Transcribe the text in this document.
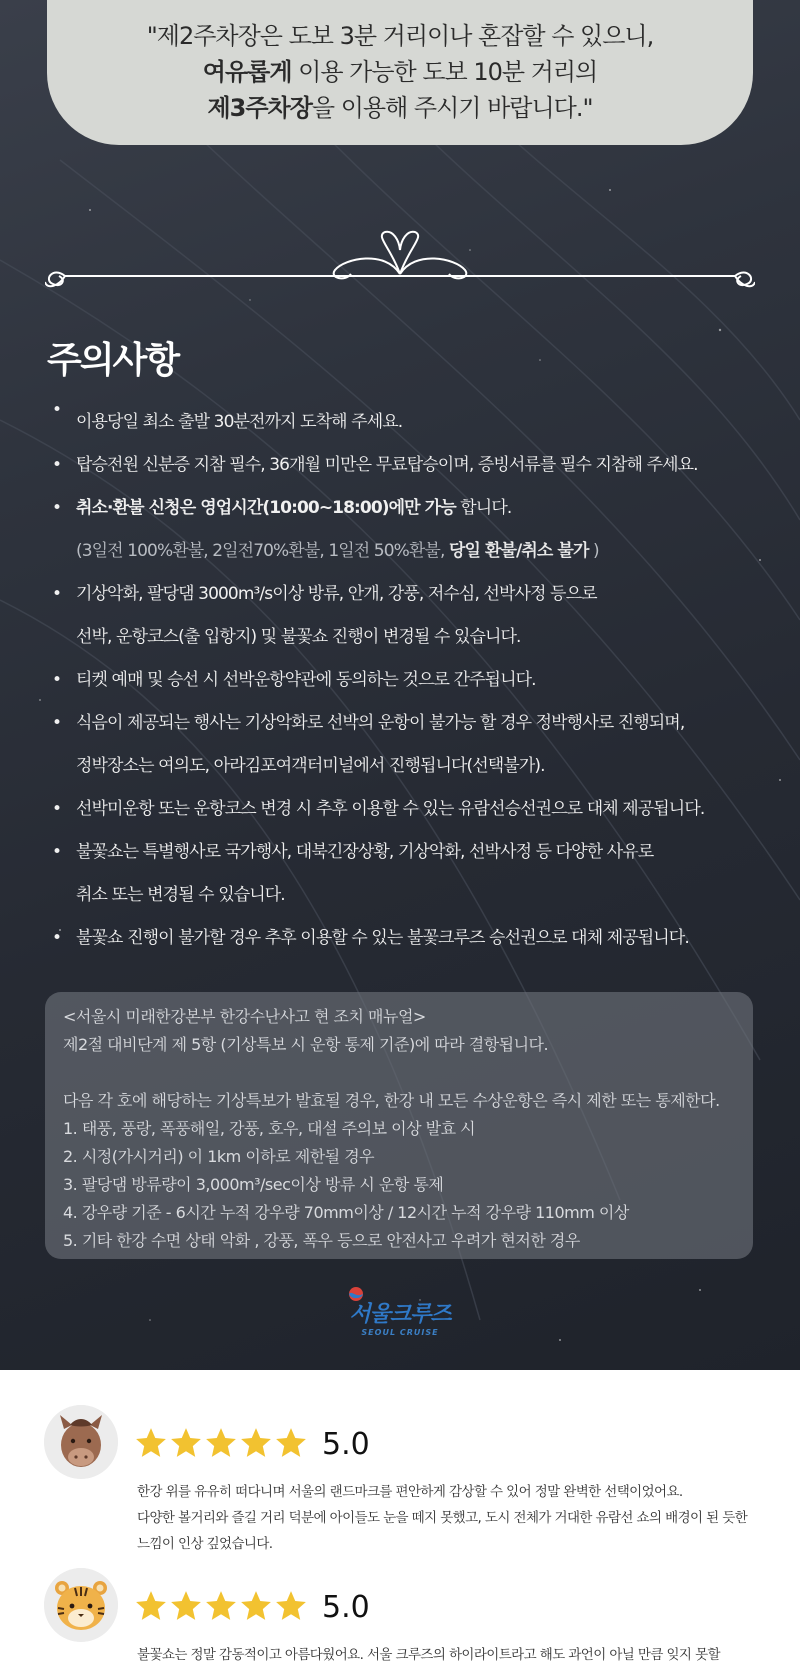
"제2주차장은 도보 3분 거리이나 혼잡할 수 있으니,
여유롭게 이용 가능한 도보 10분 거리의
제3주차장을 이용해 주시기 바랍니다."
주의사항
•
이용당일 최소 출발 30분전까지 도착해 주세요.
• 탑승전원 신분증 지참 필수, 36개월 미만은 무료탑승이며, 증빙서류를 필수 지참해 주세요.
• 취소·환불 신청은 영업시간(10:00~18:00)에만 가능 합니다.
(3일전 100%환불, 2일전70%환불, 1일전 50%환불, 당일 환불/취소 불가 )
• 기상악화, 팔당댐 3000m³/s이상 방류, 안개, 강풍, 저수심, 선박사정 등으로
선박, 운항코스(출 입항지) 및 불꽃쇼 진행이 변경될 수 있습니다.
• 티켓 예매 및 승선 시 선박운항약관에 동의하는 것으로 간주됩니다.
• 식음이 제공되는 행사는 기상악화로 선박의 운항이 불가능 할 경우 정박행사로 진행되며,
정박장소는 여의도, 아라김포여객터미널에서 진행됩니다(선택불가).
• 선박미운항 또는 운항코스 변경 시 추후 이용할 수 있는 유람선승선권으로 대체 제공됩니다.
• 불꽃쇼는 특별행사로 국가행사, 대북긴장상황, 기상악화, 선박사정 등 다양한 사유로
취소 또는 변경될 수 있습니다.
• 불꽃쇼 진행이 불가할 경우 추후 이용할 수 있는 불꽃크루즈 승선권으로 대체 제공됩니다.
<서울시 미래한강본부 한강수난사고 현 조치 매뉴얼>
제2절 대비단계 제 5항 (기상특보 시 운항 통제 기준)에 따라 결항됩니다.
다음 각 호에 해당하는 기상특보가 발효될 경우, 한강 내 모든 수상운항은 즉시 제한 또는 통제한다.
1. 태풍, 풍랑, 폭풍해일, 강풍, 호우, 대설 주의보 이상 발효 시
2. 시정(가시거리) 이 1km 이하로 제한될 경우
3. 팔당댐 방류량이 3,000m³/sec이상 방류 시 운항 통제
4. 강우량 기준 - 6시간 누적 강우량 70mm이상 / 12시간 누적 강우량 110mm 이상
5. 기타 한강 수면 상태 악화 , 강풍, 폭우 등으로 안전사고 우려가 현저한 경우
서울크루즈
SEOUL CRUISE
5.0
한강 위를 유유히 떠다니며 서울의 랜드마크를 편안하게 감상할 수 있어 정말 완벽한 선택이었어요.
다양한 볼거리와 즐길 거리 덕분에 아이들도 눈을 떼지 못했고, 도시 전체가 거대한 유람선 쇼의 배경이 된 듯한
느낌이 인상 깊었습니다.
5.0
불꽃쇼는 정말 감동적이고 아름다웠어요. 서울 크루즈의 하이라이트라고 해도 과언이 아닐 만큼 잊지 못할
